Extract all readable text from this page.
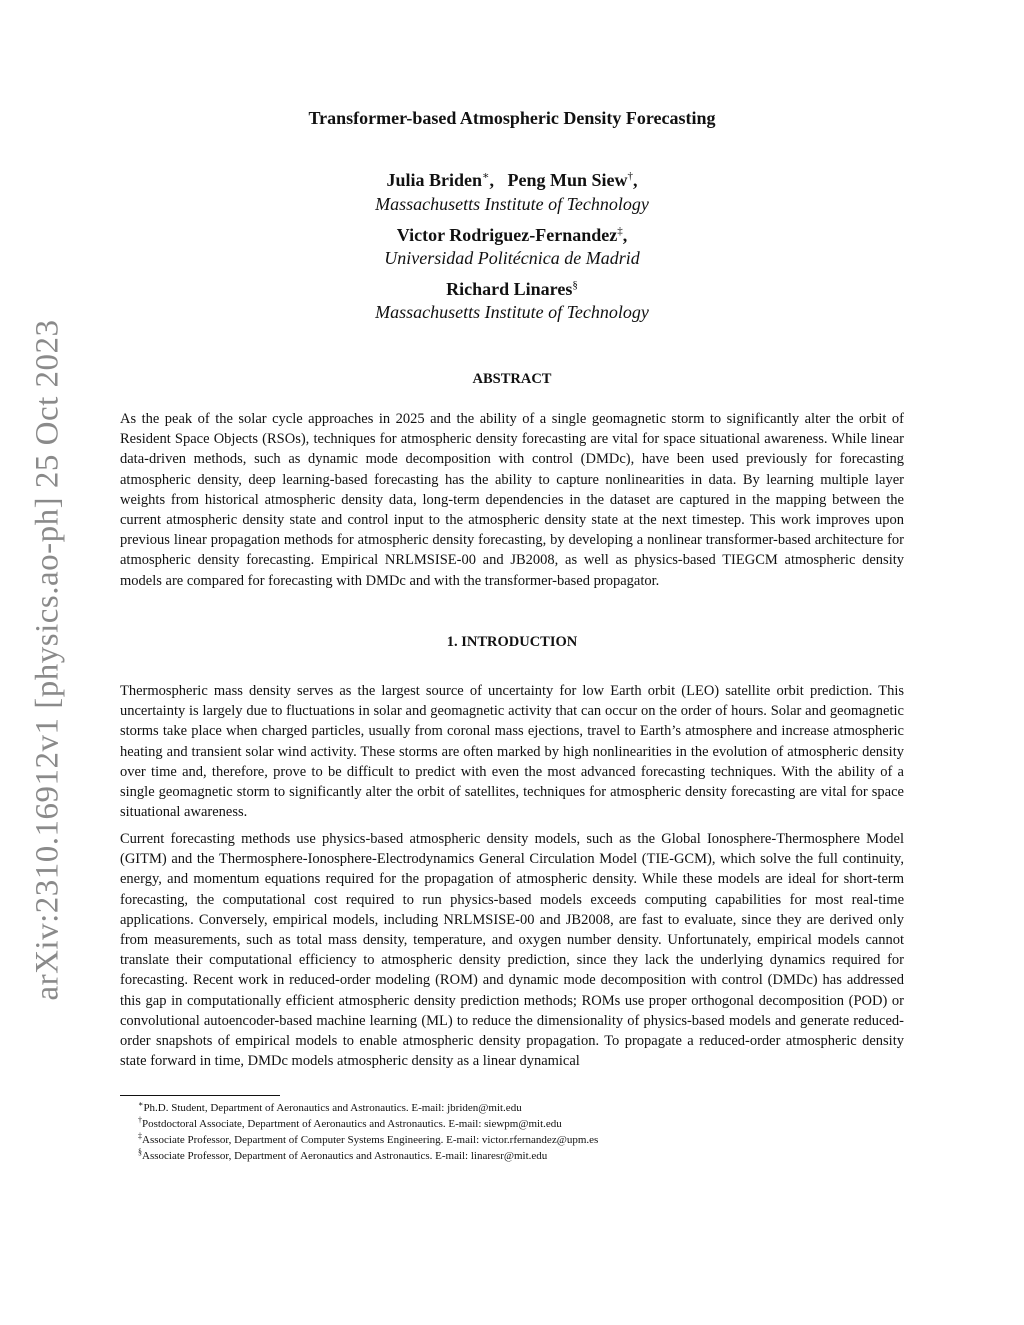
arXiv:2310.16912v1 [physics.ao-ph] 25 Oct 2023
Transformer-based Atmospheric Density Forecasting
Julia Briden∗,   Peng Mun Siew†,
Massachusetts Institute of Technology
Victor Rodriguez-Fernandez‡,
Universidad Politécnica de Madrid
Richard Linares§
Massachusetts Institute of Technology
ABSTRACT

As the peak of the solar cycle approaches in 2025 and the ability of a single geomagnetic storm to significantly alter the orbit of Resident Space Objects (RSOs), techniques for atmospheric density forecasting are vital for space situational awareness. While linear data-driven methods, such as dynamic mode decomposition with control (DMDc), have been used previously for forecasting atmospheric density, deep learning-based forecasting has the ability to capture nonlinearities in data. By learning multiple layer weights from historical atmospheric density data, long-term dependencies in the dataset are captured in the mapping between the current atmospheric density state and control input to the atmospheric density state at the next timestep. This work improves upon previous linear propagation methods for atmospheric density forecasting, by developing a nonlinear transformer-based architecture for atmospheric density forecasting. Empirical NRLMSISE-00 and JB2008, as well as physics-based TIEGCM atmospheric density models are compared for forecasting with DMDc and with the transformer-based propagator.

1. INTRODUCTION

Thermospheric mass density serves as the largest source of uncertainty for low Earth orbit (LEO) satellite orbit prediction. This uncertainty is largely due to fluctuations in solar and geomagnetic activity that can occur on the order of hours. Solar and geomagnetic storms take place when charged particles, usually from coronal mass ejections, travel to Earth’s atmosphere and increase atmospheric heating and transient solar wind activity. These storms are often marked by high nonlinearities in the evolution of atmospheric density over time and, therefore, prove to be difficult to predict with even the most advanced forecasting techniques. With the ability of a single geomagnetic storm to significantly alter the orbit of satellites, techniques for atmospheric density forecasting are vital for space situational awareness.

Current forecasting methods use physics-based atmospheric density models, such as the Global Ionosphere-Thermosphere Model (GITM) and the Thermosphere-Ionosphere-Electrodynamics General Circulation Model (TIE-GCM), which solve the full continuity, energy, and momentum equations required for the propagation of atmospheric density. While these models are ideal for short-term forecasting, the computational cost required to run physics-based models exceeds computing capabilities for most real-time applications. Conversely, empirical models, including NRLMSISE-00 and JB2008, are fast to evaluate, since they are derived only from measurements, such as total mass density, temperature, and oxygen number density. Unfortunately, empirical models cannot translate their computational efficiency to atmospheric density prediction, since they lack the underlying dynamics required for forecasting. Recent work in reduced-order modeling (ROM) and dynamic mode decomposition with control (DMDc) has addressed this gap in computationally efficient atmospheric density prediction methods; ROMs use proper orthogonal decomposition (POD) or convolutional autoencoder-based machine learning (ML) to reduce the dimensionality of physics-based models and generate reduced-order snapshots of empirical models to enable atmospheric density propagation. To propagate a reduced-order atmospheric density state forward in time, DMDc models atmospheric density as a linear dynamical

∗Ph.D. Student, Department of Aeronautics and Astronautics. E-mail: jbriden@mit.edu
†Postdoctoral Associate, Department of Aeronautics and Astronautics. E-mail: siewpm@mit.edu
‡Associate Professor, Department of Computer Systems Engineering. E-mail: victor.rfernandez@upm.es
§Associate Professor, Department of Aeronautics and Astronautics. E-mail: linaresr@mit.edu
